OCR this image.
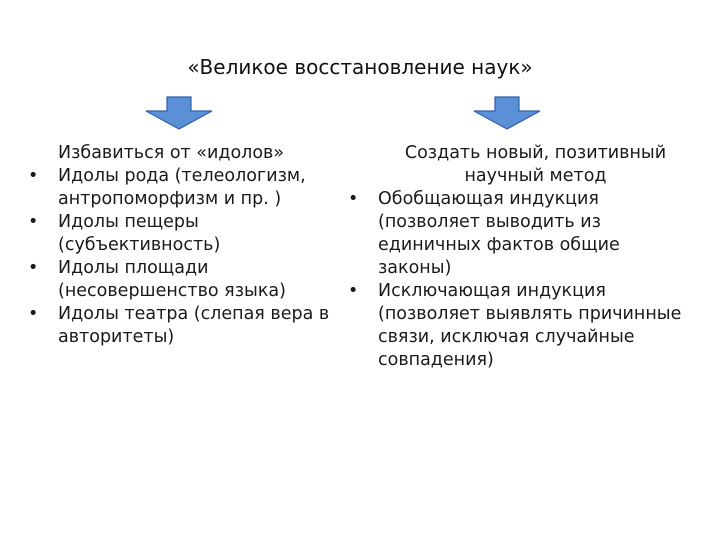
«Великое восстановление наук»
Избавиться от «идолов»
•	Идолы рода (телеологизм, антропоморфизм и пр. )
•	Идолы пещеры (субъективность)
•	Идолы площади (несовершенство языка)
•	Идолы театра (слепая вера в авторитеты)
Создать новый, позитивный научный метод
•	Обобщающая индукция (позволяет выводить из единичных фактов общие законы)
•	Исключающая индукция (позволяет выявлять причинные связи, исключая случайные совпадения)
